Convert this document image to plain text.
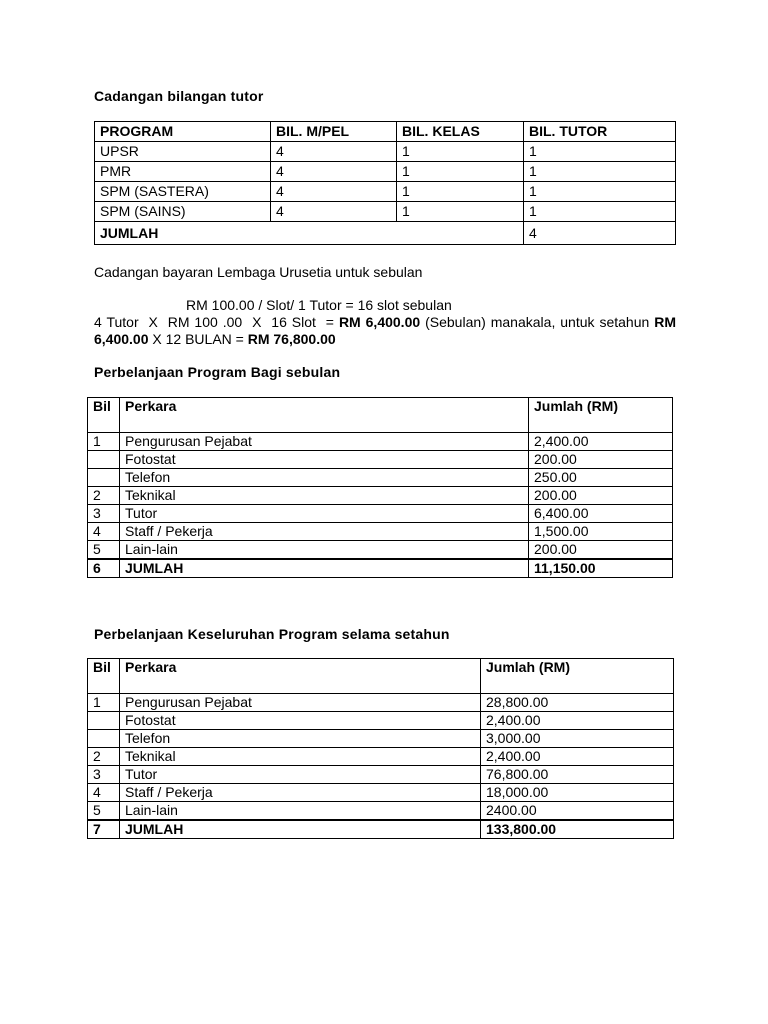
Cadangan bilangan tutor
PROGRAM	BIL. M/PEL	BIL. KELAS	BIL. TUTOR
UPSR	4	1	1
PMR	4	1	1
SPM (SASTERA)	4	1	1
SPM (SAINS)	4	1	1
JUMLAH			4
Cadangan bayaran Lembaga Urusetia untuk sebulan
RM 100.00 / Slot/ 1 Tutor = 16 slot sebulan
4 Tutor  X  RM 100 .00  X  16 Slot  = RM 6,400.00 (Sebulan) manakala, untuk setahun RM 6,400.00 X 12 BULAN = RM 76,800.00
Perbelanjaan Program Bagi sebulan
Bil	Perkara	Jumlah (RM)
1	Pengurusan Pejabat	2,400.00
	Fotostat	200.00
	Telefon	250.00
2	Teknikal	200.00
3	Tutor	6,400.00
4	Staff / Pekerja	1,500.00
5	Lain-lain	200.00
6	JUMLAH	11,150.00
Perbelanjaan Keseluruhan Program selama setahun
Bil	Perkara	Jumlah (RM)
1	Pengurusan Pejabat	28,800.00
	Fotostat	2,400.00
	Telefon	3,000.00
2	Teknikal	2,400.00
3	Tutor	76,800.00
4	Staff / Pekerja	18,000.00
5	Lain-lain	2400.00
7	JUMLAH	133,800.00
